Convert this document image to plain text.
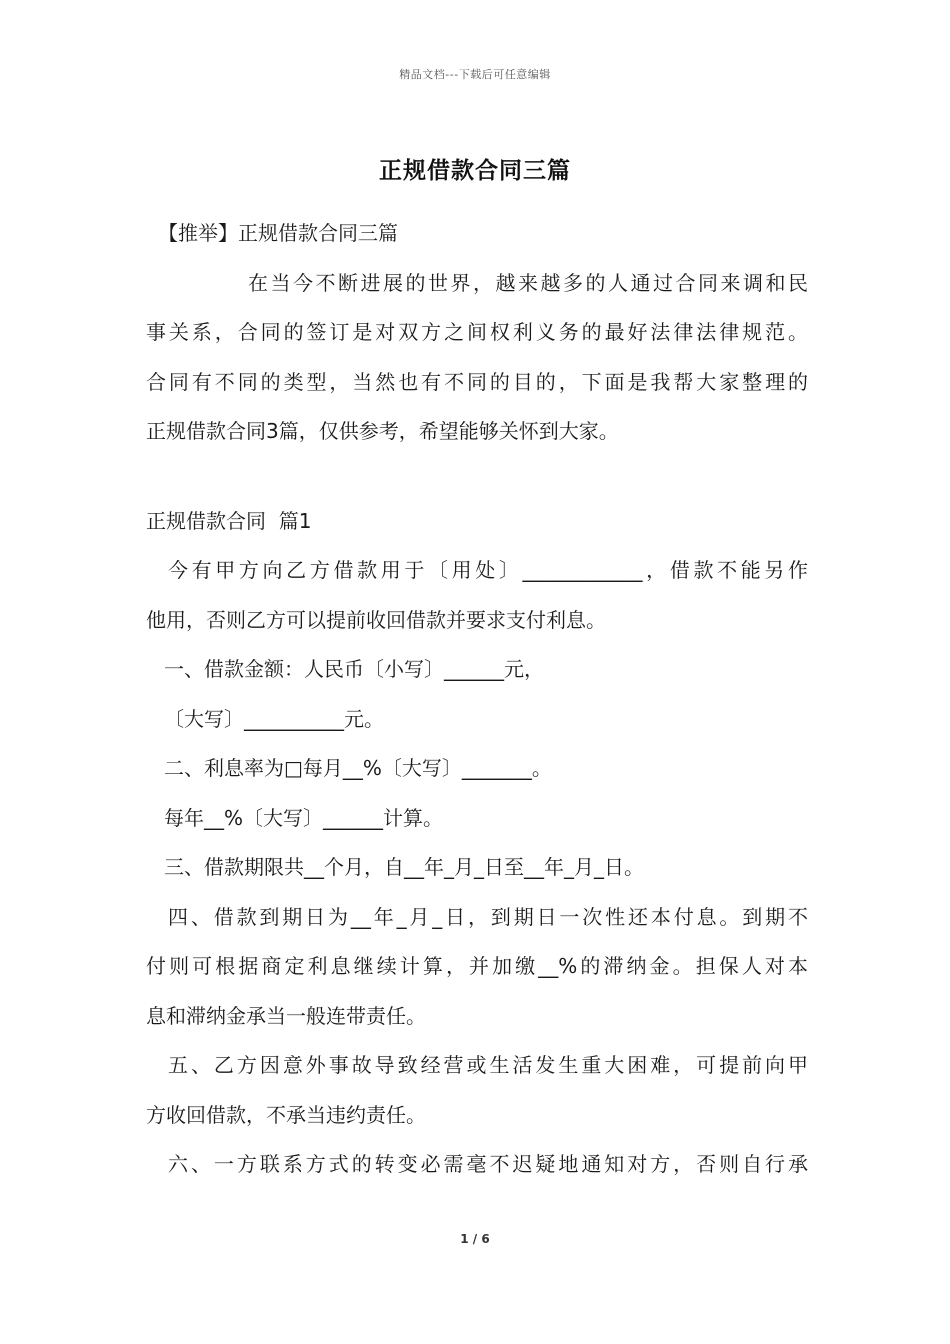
精品文档---下载后可任意编辑
正规借款合同三篇
【推举】正规借款合同三篇
在当今不断进展的世界，越来越多的人通过合同来调和民
事关系，合同的签订是对双方之间权利义务的最好法律法律规范。
合同有不同的类型，当然也有不同的目的，下面是我帮大家整理的
正规借款合同3篇，仅供参考，希望能够关怀到大家。
正规借款合同  篇1
今有甲方向乙方借款用于〔用处〕____________，借款不能另作
他用，否则乙方可以提前收回借款并要求支付利息。
一、借款金额：人民币〔小写〕______元，
〔大写〕__________元。
二、利息率为□每月__%〔大写〕_______。
每年__%〔大写〕______计算。
三、借款期限共__个月，自__年_月_日至__年_月_日。
四、借款到期日为__年_月_日，到期日一次性还本付息。到期不
付则可根据商定利息继续计算，并加缴__%的滞纳金。担保人对本
息和滞纳金承当一般连带责任。
五、乙方因意外事故导致经营或生活发生重大困难，可提前向甲
方收回借款，不承当违约责任。
六、一方联系方式的转变必需毫不迟疑地通知对方，否则自行承
1 / 6
